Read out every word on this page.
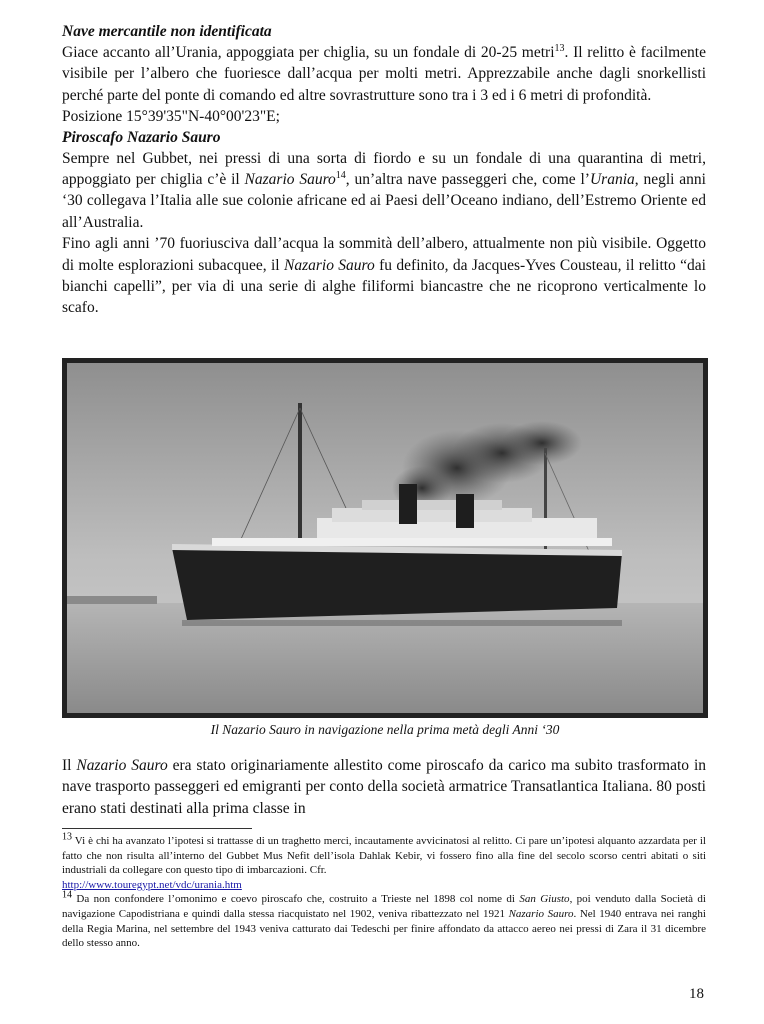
Nave mercantile non identificata

Giace accanto all’Urania, appoggiata per chiglia, su un fondale di 20-25 metri$^{13}$. Il relitto è facilmente visibile per l’albero che fuoriesce dall’acqua per molti metri. Apprezzabile anche dagli snorkellisti perché parte del ponte di comando ed altre sovrastrutture sono tra i 3 ed i 6 metri di profondità.

Posizione 15°39'35"N-40°00'23"E;

Piroscafo Nazario Sauro

Sempre nel Gubbet, nei pressi di una sorta di fiordo e su un fondale di una quarantina di metri, appoggiato per chiglia c’è il Nazario Sauro$^{14}$, un’altra nave passeggeri che, come l’Urania, negli anni ‘30 collegava l’Italia alle sue colonie africane ed ai Paesi dell’Oceano indiano, dell’Estremo Oriente ed all’Australia.

Fino agli anni ’70 fuoriusciva dall’acqua la sommità dell’albero, attualmente non più visibile. Oggetto di molte esplorazioni subacquee, il Nazario Sauro fu definito, da Jacques-Yves Cousteau, il relitto “dai bianchi capelli”, per via di una serie di alghe filiformi biancastre che ne ricoprono verticalmente lo scafo.

Il Nazario Sauro in navigazione nella prima metà degli Anni ‘30

Il Nazario Sauro era stato originariamente allestito come piroscafo da carico ma subito trasformato in nave trasporto passeggeri ed emigranti per conto della società armatrice Transatlantica Italiana. 80 posti erano stati destinati alla prima classe in

$^{13}$ Vi è chi ha avanzato l’ipotesi si trattasse di un traghetto merci, incautamente avvicinatosi al relitto. Ci pare un’ipotesi alquanto azzardata per il fatto che non risulta all’interno del Gubbet Mus Nefit dell’isola Dahlak Kebir, vi fossero fino alla fine del secolo scorso centri abitati o siti industriali da collegare con questo tipo di imbarcazioni. Cfr.
http://www.touregypt.net/vdc/urania.htm

$^{14}$ Da non confondere l’omonimo e coevo piroscafo che, costruito a Trieste nel 1898 col nome di San Giusto, poi venduto dalla Società di navigazione Capodistriana e quindi dalla stessa riacquistato nel 1902, veniva ribattezzato nel 1921 Nazario Sauro. Nel 1940 entrava nei ranghi della Regia Marina, nel settembre del 1943 veniva catturato dai Tedeschi per finire affondato da attacco aereo nei pressi di Zara il 31 dicembre dello stesso anno.

18
